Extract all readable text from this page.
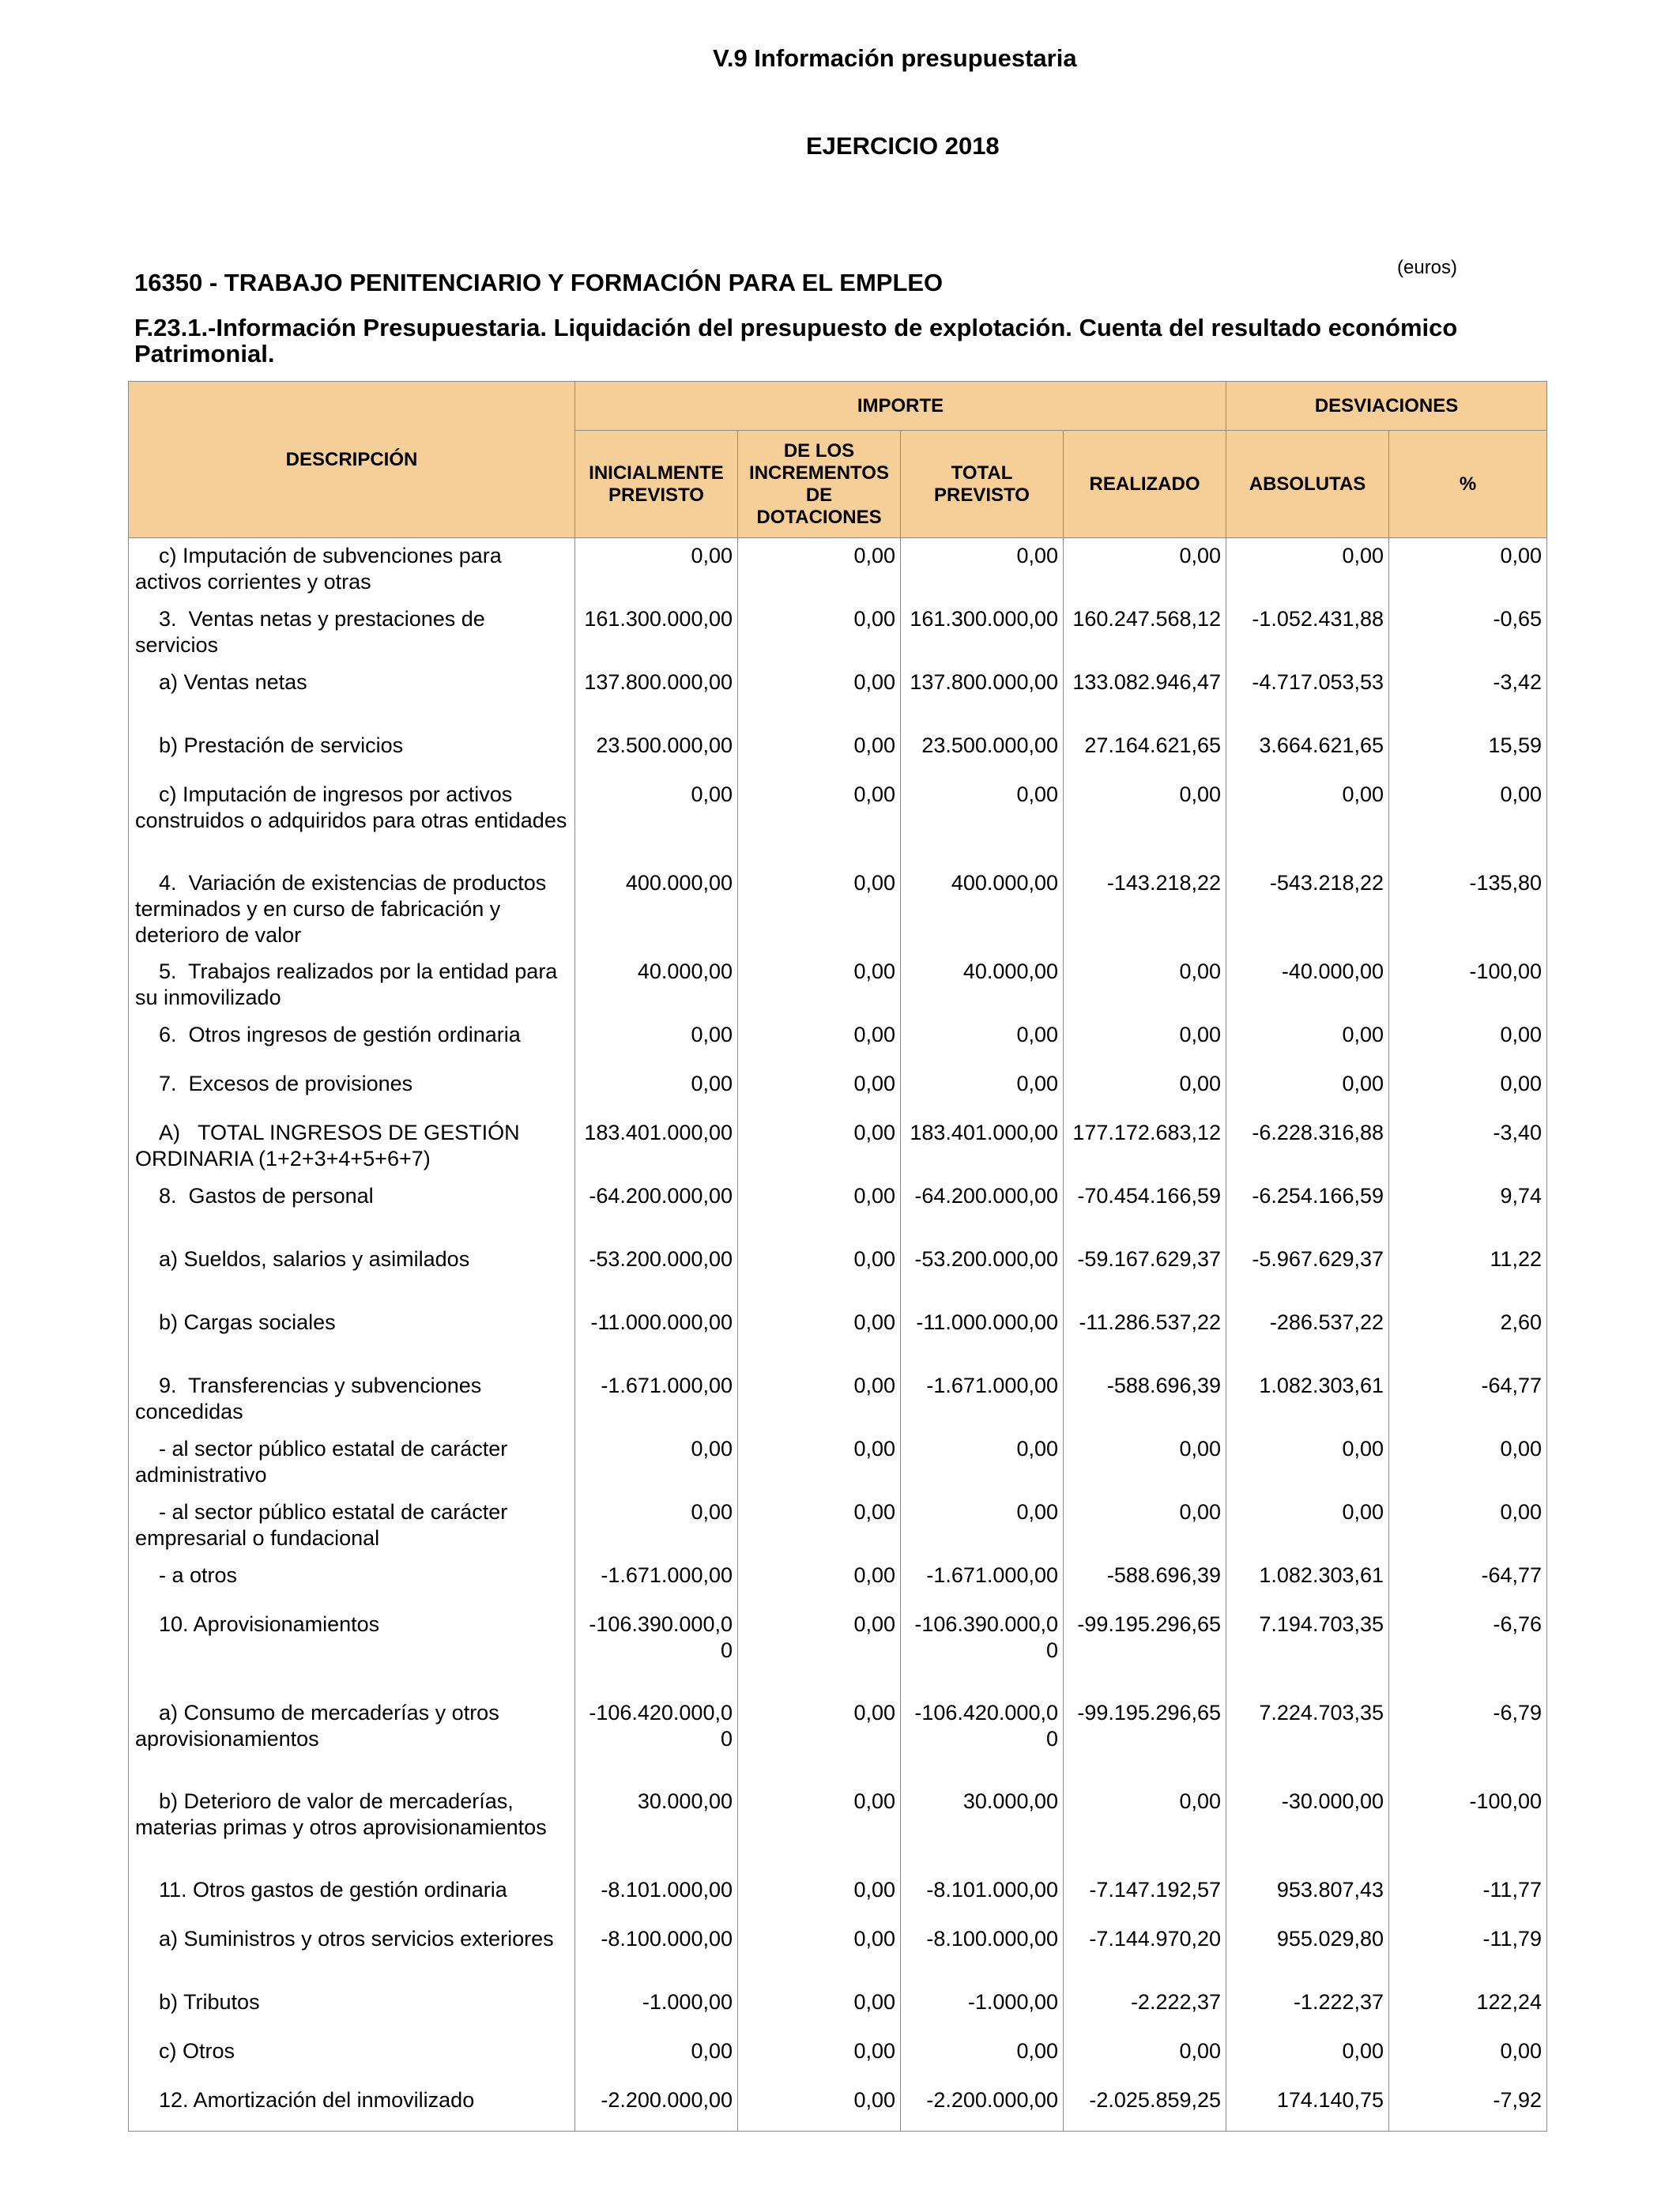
V.9 Información presupuestaria
EJERCICIO 2018
(euros)
16350 - TRABAJO PENITENCIARIO Y FORMACIÓN PARA EL EMPLEO
F.23.1.-Información Presupuestaria. Liquidación del presupuesto de explotación. Cuenta del resultado económico Patrimonial.
DESCRIPCIÓN	IMPORTE				DESVIACIONES	
	INICIALMENTE PREVISTO	DE LOS INCREMENTOS DE DOTACIONES	TOTAL PREVISTO	REALIZADO	ABSOLUTAS	%
c) Imputación de subvenciones para activos corrientes y otras	0,00	0,00	0,00	0,00	0,00	0,00
3.  Ventas netas y prestaciones de servicios	161.300.000,00	0,00	161.300.000,00	160.247.568,12	-1.052.431,88	-0,65
a) Ventas netas	137.800.000,00	0,00	137.800.000,00	133.082.946,47	-4.717.053,53	-3,42
b) Prestación de servicios	23.500.000,00	0,00	23.500.000,00	27.164.621,65	3.664.621,65	15,59
c) Imputación de ingresos por activos construidos o adquiridos para otras entidades	0,00	0,00	0,00	0,00	0,00	0,00
4.  Variación de existencias de productos terminados y en curso de fabricación y deterioro de valor	400.000,00	0,00	400.000,00	-143.218,22	-543.218,22	-135,80
5.  Trabajos realizados por la entidad para su inmovilizado	40.000,00	0,00	40.000,00	0,00	-40.000,00	-100,00
6.  Otros ingresos de gestión ordinaria	0,00	0,00	0,00	0,00	0,00	0,00
7.  Excesos de provisiones	0,00	0,00	0,00	0,00	0,00	0,00
A)   TOTAL INGRESOS DE GESTIÓN ORDINARIA (1+2+3+4+5+6+7)	183.401.000,00	0,00	183.401.000,00	177.172.683,12	-6.228.316,88	-3,40
8.  Gastos de personal	-64.200.000,00	0,00	-64.200.000,00	-70.454.166,59	-6.254.166,59	9,74
a) Sueldos, salarios y asimilados	-53.200.000,00	0,00	-53.200.000,00	-59.167.629,37	-5.967.629,37	11,22
b) Cargas sociales	-11.000.000,00	0,00	-11.000.000,00	-11.286.537,22	-286.537,22	2,60
9.  Transferencias y subvenciones concedidas	-1.671.000,00	0,00	-1.671.000,00	-588.696,39	1.082.303,61	-64,77
- al sector público estatal de carácter administrativo	0,00	0,00	0,00	0,00	0,00	0,00
- al sector público estatal de carácter empresarial o fundacional	0,00	0,00	0,00	0,00	0,00	0,00
- a otros	-1.671.000,00	0,00	-1.671.000,00	-588.696,39	1.082.303,61	-64,77
10. Aprovisionamientos	-106.390.000,00	0,00	-106.390.000,00	-99.195.296,65	7.194.703,35	-6,76
a) Consumo de mercaderías y otros aprovisionamientos	-106.420.000,00	0,00	-106.420.000,00	-99.195.296,65	7.224.703,35	-6,79
b) Deterioro de valor de mercaderías, materias primas y otros aprovisionamientos	30.000,00	0,00	30.000,00	0,00	-30.000,00	-100,00
11. Otros gastos de gestión ordinaria	-8.101.000,00	0,00	-8.101.000,00	-7.147.192,57	953.807,43	-11,77
a) Suministros y otros servicios exteriores	-8.100.000,00	0,00	-8.100.000,00	-7.144.970,20	955.029,80	-11,79
b) Tributos	-1.000,00	0,00	-1.000,00	-2.222,37	-1.222,37	122,24
c) Otros	0,00	0,00	0,00	0,00	0,00	0,00
12. Amortización del inmovilizado	-2.200.000,00	0,00	-2.200.000,00	-2.025.859,25	174.140,75	-7,92
